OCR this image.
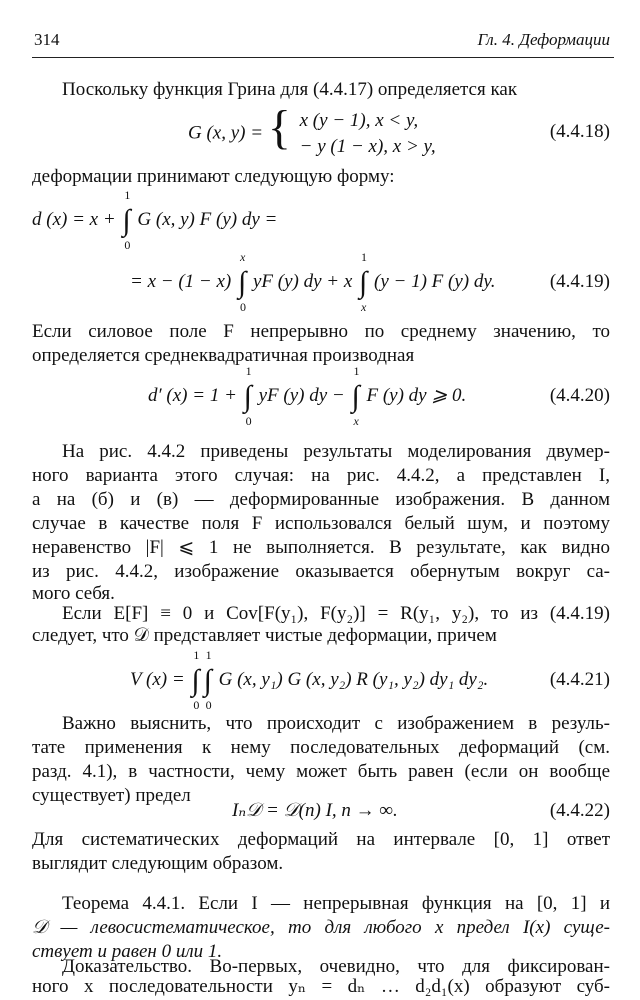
314	Гл. 4. Деформации
Поскольку функция Грина для (4.4.17) определяется как
G (x, y) = { x (y − 1), x < y,
− y (1 − x), x > y,
(4.4.18)
деформации принимают следующую форму:
d (x) = x + ∫
1
0
G (x, y) F (y) dy =
= x − (1 − x) ∫
x
0
yF (y) dy + x ∫
1
x
(y − 1) F (y) dy.	(4.4.19)
Если силовое поле F непрерывно по среднему значению, то
определяется среднеквадратичная производная
d′ (x) = 1 + ∫
1
0
yF (y) dy − ∫
1
x
F (y) dy ⩾ 0.	(4.4.20)
На рис. 4.4.2 приведены результаты моделирования двумер-
ного варианта этого случая: на рис. 4.4.2, а представлен I,
а на (б) и (в) — деформированные изображения. В данном
случае в качестве поля F использовался белый шум, и поэтому
неравенство |F| ⩽ 1 не выполняется. В результате, как видно
из рис. 4.4.2, изображение оказывается обернутым вокруг са-
мого себя.
Если E[F] ≡ 0 и Cov[F(y₁), F(y₂)] = R(y₁, y₂), то из (4.4.19)
следует, что 𝒟 представляет чистые деформации, причем
V (x) = ∫
1
0
∫
1
0
G (x, y₁) G (x, y₂) R (y₁, y₂) dy₁ dy₂.	(4.4.21)
Важно выяснить, что происходит с изображением в резуль-
тате применения к нему последовательных деформаций (см.
разд. 4.1), в частности, чему может быть равен (если он вообще
существует) предел
Iₙ𝒟 = 𝒟(n) I, n → ∞.	(4.4.22)
Для систематических деформаций на интервале [0, 1] ответ
выглядит следующим образом.
Теорема 4.4.1. Если I — непрерывная функция на [0, 1] и
𝒟 — левосистематическое, то для любого x предел I(x) суще-
ствует и равен 0 или 1.
Доказательство. Во-первых, очевидно, что для фиксирован-
ного x последовательности yₙ = dₙ … d₂d₁(x) образуют суб-
